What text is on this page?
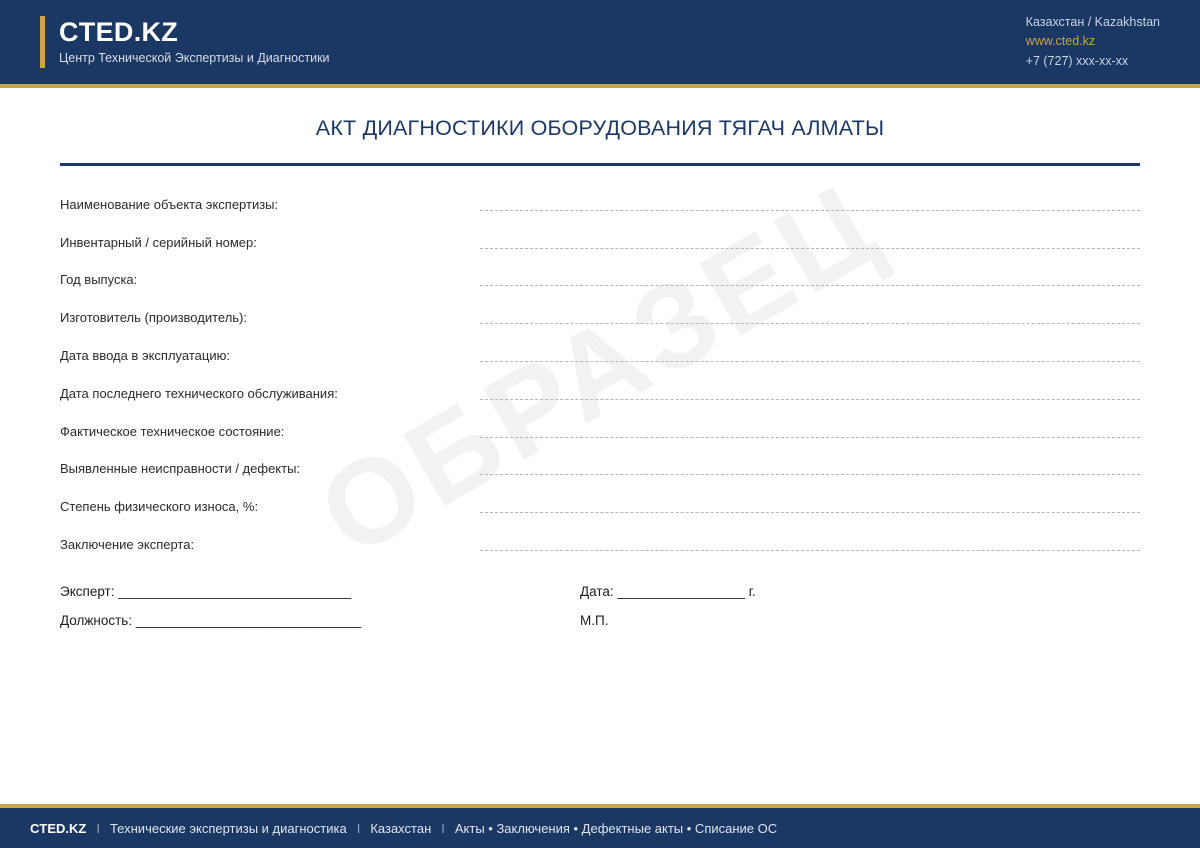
CTED.KZ
Центр Технической Экспертизы и Диагностики
Казахстан / Kazakhstan
www.cted.kz
+7 (727) xxx-xx-xx
ОБРАЗЕЦ
АКТ ДИАГНОСТИКИ ОБОРУДОВАНИЯ ТЯГАЧ АЛМАТЫ
Наименование объекта экспертизы:
Инвентарный / серийный номер:
Год выпуска:
Изготовитель (производитель):
Дата ввода в эксплуатацию:
Дата последнего технического обслуживания:
Фактическое техническое состояние:
Выявленные неисправности / дефекты:
Степень физического износа, %:
Заключение эксперта:
Эксперт: _______________________________	Дата: _________________ г.
Должность: ______________________________	М.П.
CTED.KZ I Технические экспертизы и диагностика I Казахстан I Акты • Заключения • Дефектные акты • Списание ОС
